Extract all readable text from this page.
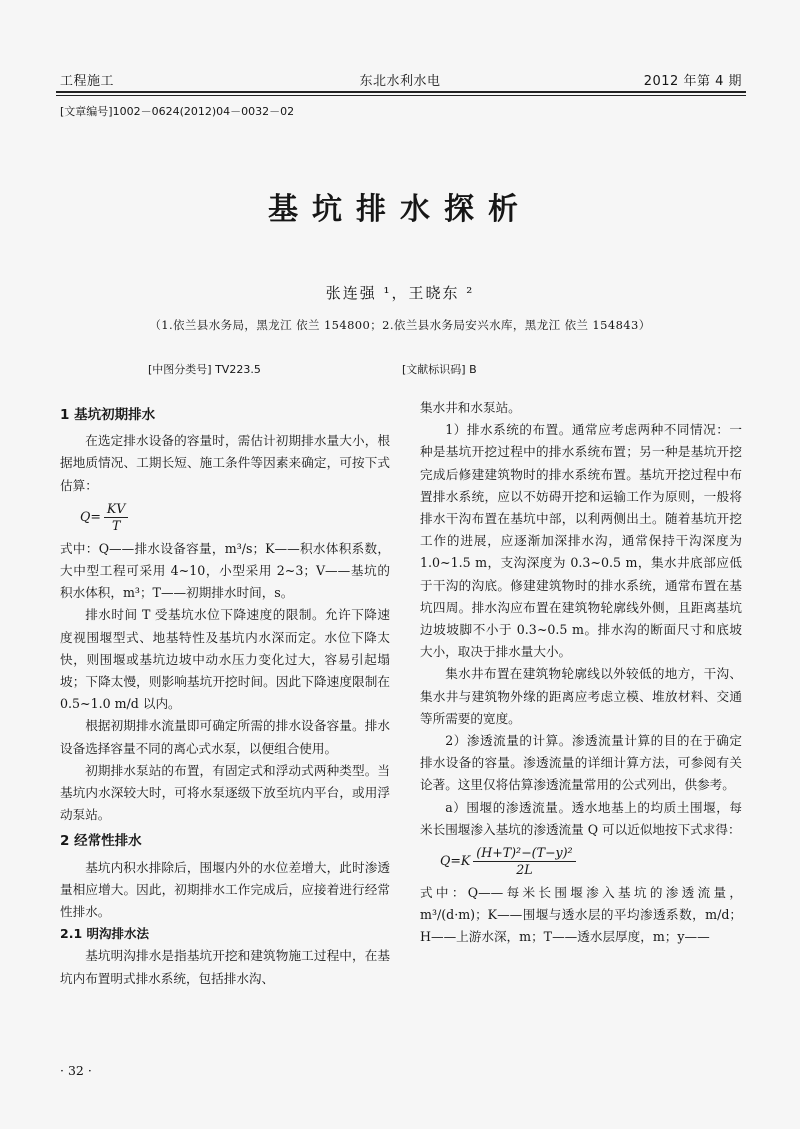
工程施工	东北水利水电	2012 年第 4 期
[文章编号]1002－0624(2012)04－0032－02
基坑排水探析
张连强 ¹，王晓东 ²
（1.依兰县水务局，黑龙江 依兰 154800；2.依兰县水务局安兴水库，黑龙江 依兰 154843）
[中图分类号] TV223.5	[文献标识码] B
1 基坑初期排水

在选定排水设备的容量时，需估计初期排水量大小，根据地质情况、工期长短、施工条件等因素来确定，可按下式估算：

$Q= \frac{KV}{T}$

式中：Q——排水设备容量，m³/s；K——积水体积系数，大中型工程可采用 4~10，小型采用 2~3；V——基坑的积水体积，m³；T——初期排水时间，s。

排水时间 T 受基坑水位下降速度的限制。允许下降速度视围堰型式、地基特性及基坑内水深而定。水位下降太快，则围堰或基坑边坡中动水压力变化过大，容易引起塌坡；下降太慢，则影响基坑开挖时间。因此下降速度限制在 0.5~1.0 m/d 以内。

根据初期排水流量即可确定所需的排水设备容量。排水设备选择容量不同的离心式水泵，以便组合使用。

初期排水泵站的布置，有固定式和浮动式两种类型。当基坑内水深较大时，可将水泵逐级下放至坑内平台，或用浮动泵站。

2 经常性排水

基坑内积水排除后，围堰内外的水位差增大，此时渗透量相应增大。因此，初期排水工作完成后，应接着进行经常性排水。

2.1 明沟排水法

基坑明沟排水是指基坑开挖和建筑物施工过程中，在基坑内布置明式排水系统，包括排水沟、

集水井和水泵站。

1）排水系统的布置。通常应考虑两种不同情况：一种是基坑开挖过程中的排水系统布置；另一种是基坑开挖完成后修建建筑物时的排水系统布置。基坑开挖过程中布置排水系统，应以不妨碍开挖和运输工作为原则，一般将排水干沟布置在基坑中部，以利两侧出土。随着基坑开挖工作的进展，应逐渐加深排水沟，通常保持干沟深度为 1.0~1.5 m，支沟深度为 0.3~0.5 m，集水井底部应低于干沟的沟底。修建建筑物时的排水系统，通常布置在基坑四周。排水沟应布置在建筑物轮廓线外侧，且距离基坑边坡坡脚不小于 0.3~0.5 m。排水沟的断面尺寸和底坡大小，取决于排水量大小。

集水井布置在建筑物轮廓线以外较低的地方，干沟、集水井与建筑物外缘的距离应考虑立模、堆放材料、交通等所需要的宽度。

2）渗透流量的计算。渗透流量计算的目的在于确定排水设备的容量。渗透流量的详细计算方法，可参阅有关论著。这里仅将估算渗透流量常用的公式列出，供参考。

a）围堰的渗透流量。透水地基上的均质土围堰，每米长围堰渗入基坑的渗透流量 Q 可以近似地按下式求得：

$Q=K \frac{\text{(H+T)²−(T−y)²}}{2L}$

式中：Q——每米长围堰渗入基坑的渗透流量，m³/(d·m)；K——围堰与透水层的平均渗透系数，m/d；H——上游水深，m；T——透水层厚度，m；y——

· 32 ·
